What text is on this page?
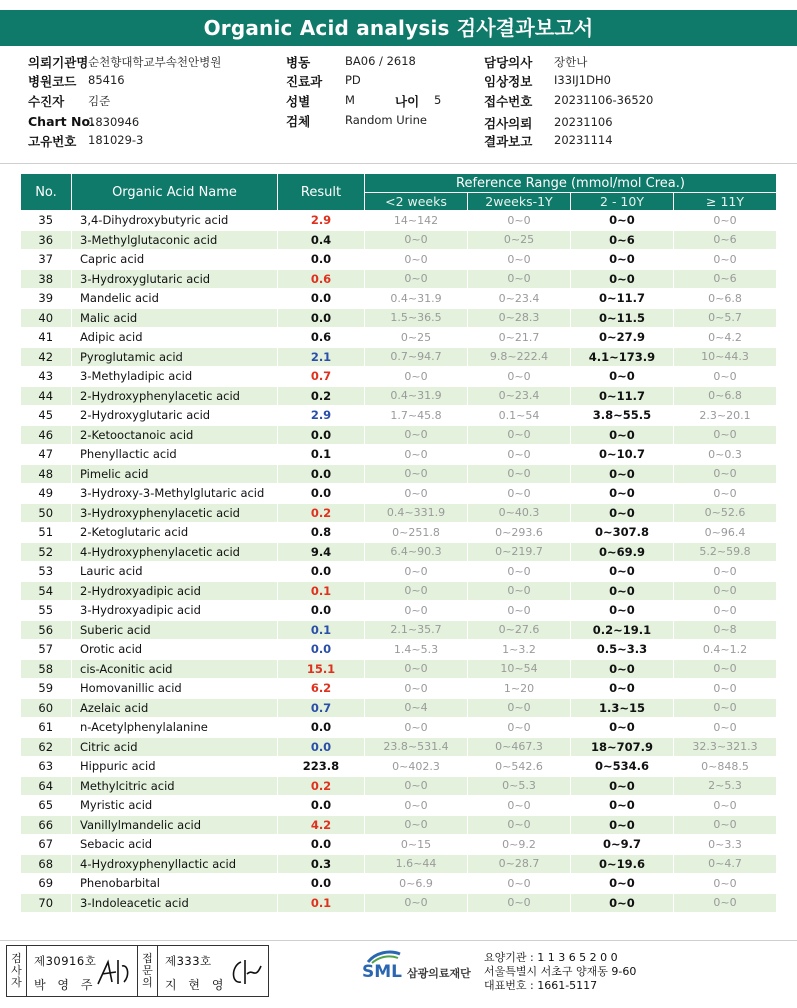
Organic Acid analysis 검사결과보고서
의뢰기관명 순천향대학교부속천안병원
병원코드 85416
수진자 김준
Chart No.
1830946
고유번호 181029-3
병동	BA06 / 2618
진료과 PD
성별	M	나이 5
검체	Random Urine
담당의사 장한나
임상정보 I33IJ1DH0
접수번호 20231106-36520
검사의뢰 20231106
결과보고 20231114
No.	Organic Acid Name	Result	Reference Range (mmol/mol Crea.)			
			<2 weeks	2weeks-1Y	2 - 10Y	≥ 11Y
35	3,4-Dihydroxybutyric acid	2.9	14~142	0~0	0~0	0~0
36	3-Methylglutaconic acid	0.4	0~0	0~25	0~6	0~6
37	Capric acid	0.0	0~0	0~0	0~0	0~0
38	3-Hydroxyglutaric acid	0.6	0~0	0~0	0~0	0~6
39	Mandelic acid	0.0	0.4~31.9	0~23.4	0~11.7	0~6.8
40	Malic acid	0.0	1.5~36.5	0~28.3	0~11.5	0~5.7
41	Adipic acid	0.6	0~25	0~21.7	0~27.9	0~4.2
42	Pyroglutamic acid	2.1	0.7~94.7	9.8~222.4	4.1~173.9	10~44.3
43	3-Methyladipic acid	0.7	0~0	0~0	0~0	0~0
44	2-Hydroxyphenylacetic acid	0.2	0.4~31.9	0~23.4	0~11.7	0~6.8
45	2-Hydroxyglutaric acid	2.9	1.7~45.8	0.1~54	3.8~55.5	2.3~20.1
46	2-Ketooctanoic acid	0.0	0~0	0~0	0~0	0~0
47	Phenyllactic acid	0.1	0~0	0~0	0~10.7	0~0.3
48	Pimelic acid	0.0	0~0	0~0	0~0	0~0
49	3-Hydroxy-3-Methylglutaric acid	0.0	0~0	0~0	0~0	0~0
50	3-Hydroxyphenylacetic acid	0.2	0.4~331.9	0~40.3	0~0	0~52.6
51	2-Ketoglutaric acid	0.8	0~251.8	0~293.6	0~307.8	0~96.4
52	4-Hydroxyphenylacetic acid	9.4	6.4~90.3	0~219.7	0~69.9	5.2~59.8
53	Lauric acid	0.0	0~0	0~0	0~0	0~0
54	2-Hydroxyadipic acid	0.1	0~0	0~0	0~0	0~0
55	3-Hydroxyadipic acid	0.0	0~0	0~0	0~0	0~0
56	Suberic acid	0.1	2.1~35.7	0~27.6	0.2~19.1	0~8
57	Orotic acid	0.0	1.4~5.3	1~3.2	0.5~3.3	0.4~1.2
58	cis-Aconitic acid	15.1	0~0	10~54	0~0	0~0
59	Homovanillic acid	6.2	0~0	1~20	0~0	0~0
60	Azelaic acid	0.7	0~4	0~0	1.3~15	0~0
61	n-Acetylphenylalanine	0.0	0~0	0~0	0~0	0~0
62	Citric acid	0.0	23.8~531.4	0~467.3	18~707.9	32.3~321.3
63	Hippuric acid	223.8	0~402.3	0~542.6	0~534.6	0~848.5
64	Methylcitric acid	0.2	0~0	0~5.3	0~0	2~5.3
65	Myristic acid	0.0	0~0	0~0	0~0	0~0
66	Vanillylmandelic acid	4.2	0~0	0~0	0~0	0~0
67	Sebacic acid	0.0	0~15	0~9.2	0~9.7	0~3.3
68	4-Hydroxyphenyllactic acid	0.3	1.6~44	0~28.7	0~19.6	0~4.7
69	Phenobarbital	0.0	0~6.9	0~0	0~0	0~0
70	3-Indoleacetic acid	0.1	0~0	0~0	0~0	0~0
검
사
자
제30916호
박 영 주
접
문
의
제333호
지 현 영
SML 삼광의료재단
요양기관 : 1 1 3 6 5 2 0 0
서울특별시 서초구 양재동 9-60
대표번호 : 1661-5117
